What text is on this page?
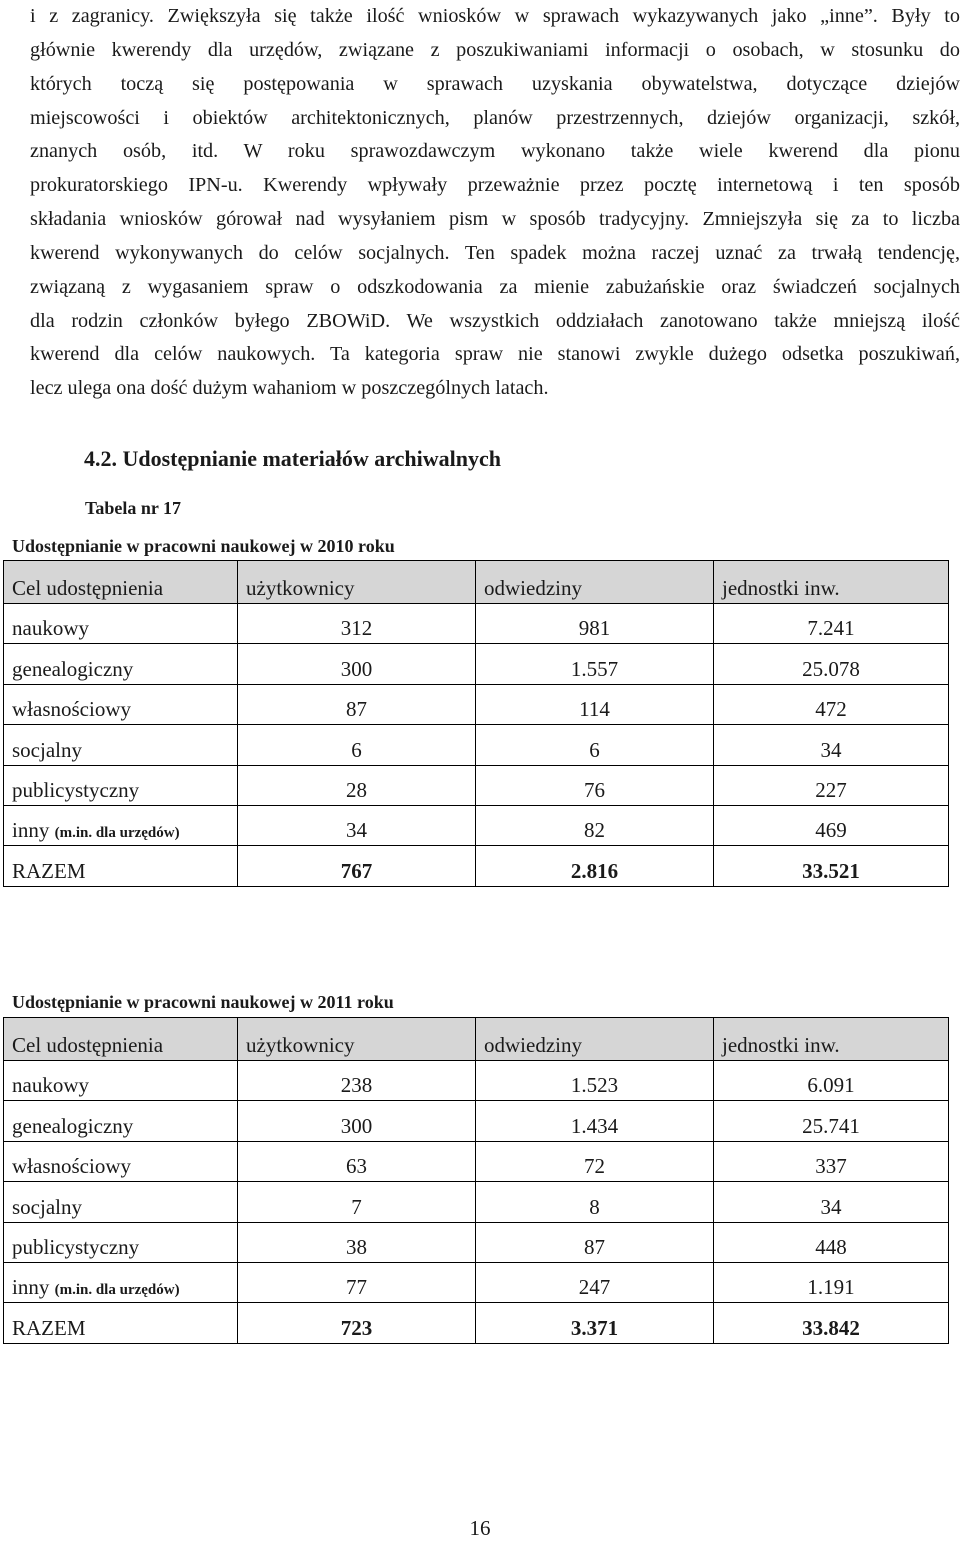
i z zagranicy. Zwiększyła się także ilość wniosków w sprawach wykazywanych jako „inne”. Były to
głównie kwerendy dla urzędów, związane z poszukiwaniami informacji o osobach, w stosunku do
których toczą się postępowania w sprawach uzyskania obywatelstwa, dotyczące dziejów
miejscowości i obiektów architektonicznych, planów przestrzennych, dziejów organizacji, szkół,
znanych osób, itd. W roku sprawozdawczym wykonano także wiele kwerend dla pionu
prokuratorskiego IPN-u. Kwerendy wpływały przeważnie przez pocztę internetową i ten sposób
składania wniosków górował nad wysyłaniem pism w sposób tradycyjny. Zmniejszyła się za to liczba
kwerend wykonywanych do celów socjalnych. Ten spadek można raczej uznać za trwałą tendencję,
związaną z wygasaniem spraw o odszkodowania za mienie zabużańskie oraz świadczeń socjalnych
dla rodzin członków byłego ZBOWiD. We wszystkich oddziałach zanotowano także mniejszą ilość
kwerend dla celów naukowych. Ta kategoria spraw nie stanowi zwykle dużego odsetka poszukiwań,
lecz ulega ona dość dużym wahaniom w poszczególnych latach.
4.2. Udostępnianie materiałów archiwalnych
Tabela nr 17
Udostępnianie w pracowni naukowej w 2010 roku
Cel udostępnienia	użytkownicy	odwiedziny	jednostki inw.
naukowy	312	981	7.241
genealogiczny	300	1.557	25.078
własnościowy	87	114	472
socjalny	6	6	34
publicystyczny	28	76	227
inny (m.in. dla urzędów)	34	82	469
RAZEM	767	2.816	33.521
Udostępnianie w pracowni naukowej w 2011 roku
Cel udostępnienia	użytkownicy	odwiedziny	jednostki inw.
naukowy	238	1.523	6.091
genealogiczny	300	1.434	25.741
własnościowy	63	72	337
socjalny	7	8	34
publicystyczny	38	87	448
inny (m.in. dla urzędów)	77	247	1.191
RAZEM	723	3.371	33.842
16
